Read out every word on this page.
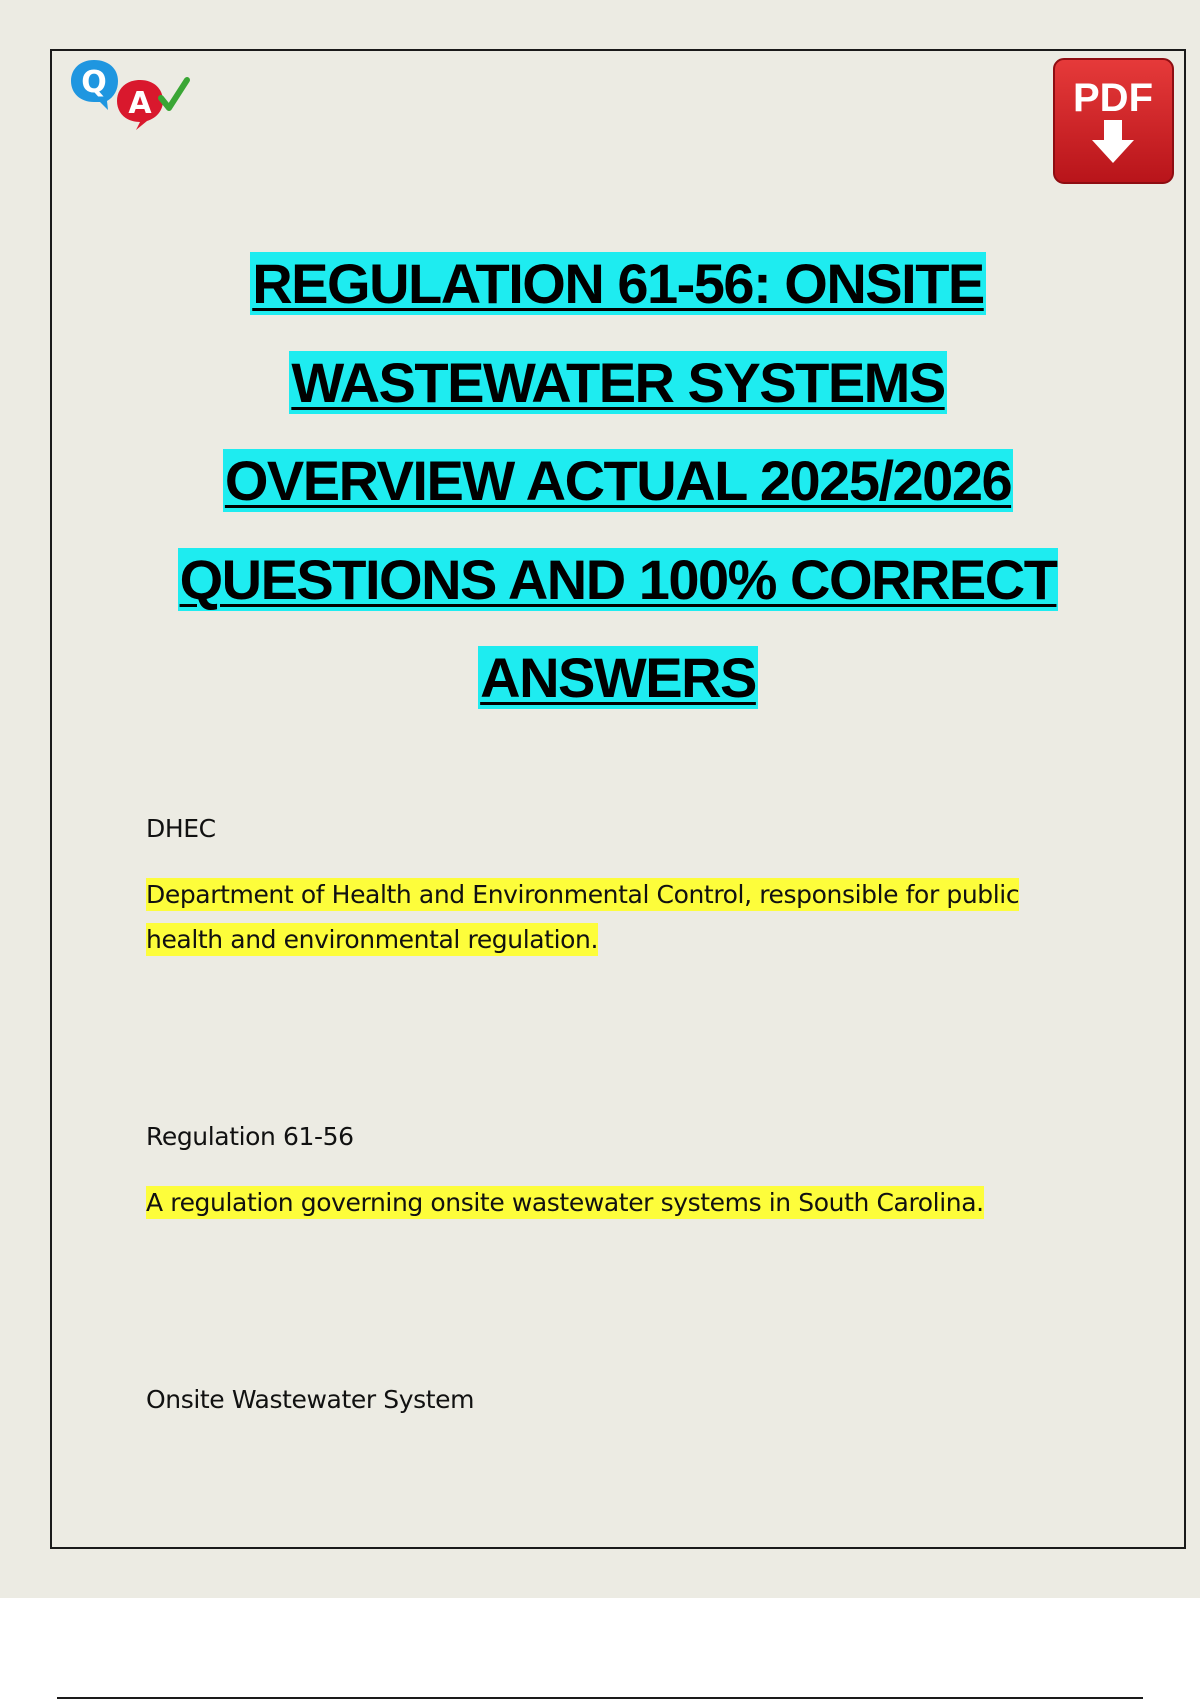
Q
A	PDF
REGULATION 61-56: ONSITE
WASTEWATER SYSTEMS
OVERVIEW ACTUAL 2025/2026
QUESTIONS AND 100% CORRECT
ANSWERS

DHEC

Department of Health and Environmental Control, responsible for public health and environmental regulation.

Regulation 61-56

A regulation governing onsite wastewater systems in South Carolina.

Onsite Wastewater System
